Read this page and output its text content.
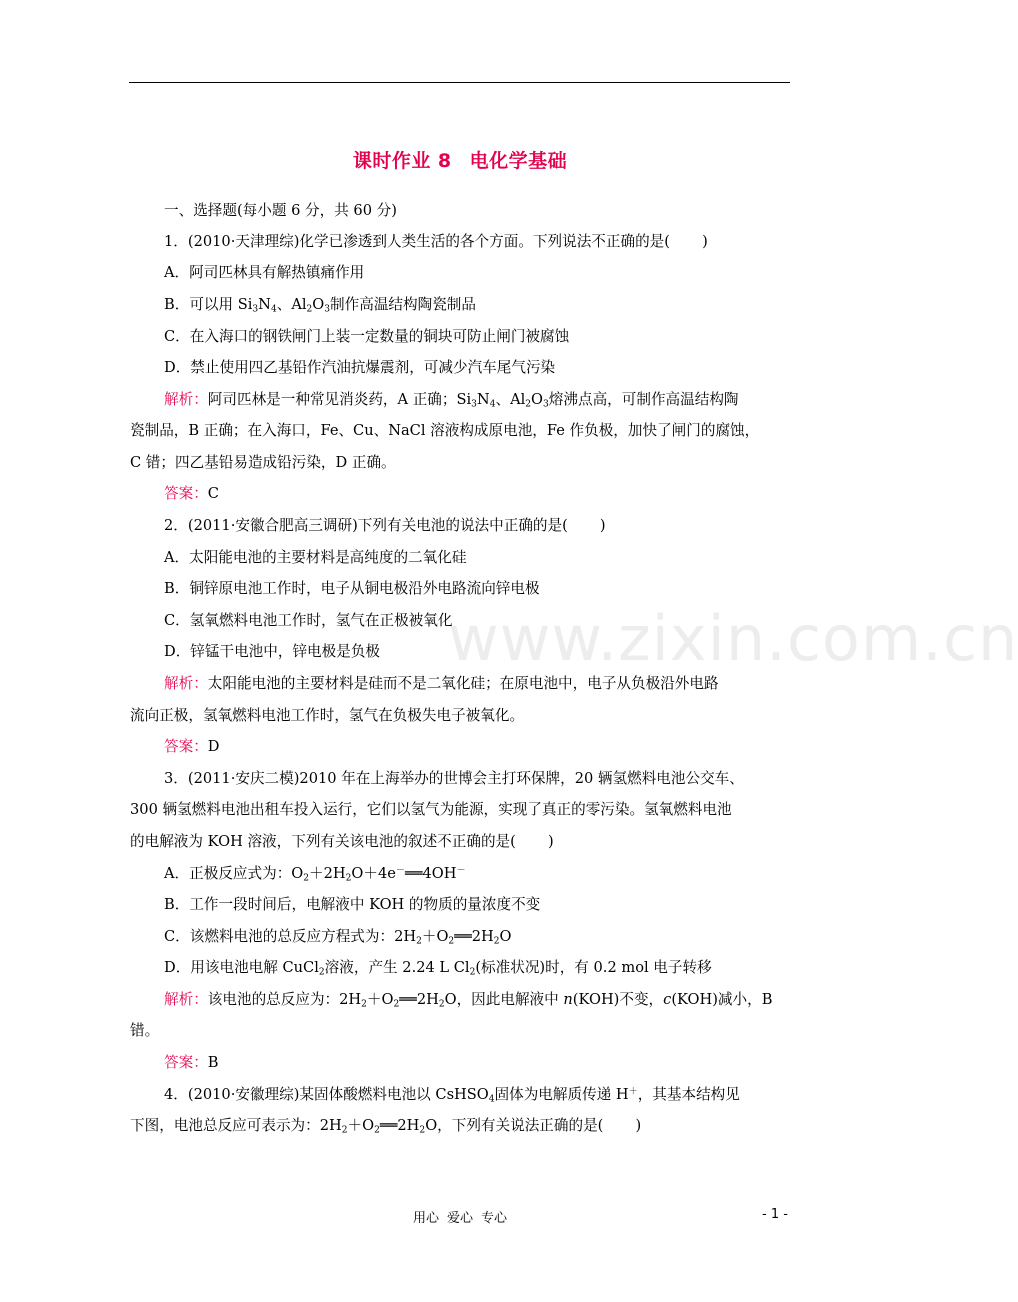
课时作业 8 电化学基础
一、选择题(每小题 6 分，共 60 分)
1．(2010·天津理综)化学已渗透到人类生活的各个方面。下列说法不正确的是( )
A．阿司匹林具有解热镇痛作用
B．可以用 $Si_3N_4$、$Al_2O_3$制作高温结构陶瓷制品
C．在入海口的钢铁闸门上装一定数量的铜块可防止闸门被腐蚀
D．禁止使用四乙基铅作汽油抗爆震剂，可减少汽车尾气污染
解析：阿司匹林是一种常见消炎药，A 正确；$Si_3N_4$、$Al_2O_3$熔沸点高，可制作高温结构陶
瓷制品，B 正确；在入海口，Fe、Cu、NaCl 溶液构成原电池，Fe 作负极，加快了闸门的腐蚀，
C 错；四乙基铅易造成铅污染，D 正确。
答案：C
2．(2011·安徽合肥高三调研)下列有关电池的说法中正确的是( )
A．太阳能电池的主要材料是高纯度的二氧化硅
B．铜锌原电池工作时，电子从铜电极沿外电路流向锌电极
C．氢氧燃料电池工作时，氢气在正极被氧化
D．锌锰干电池中，锌电极是负极
解析：太阳能电池的主要材料是硅而不是二氧化硅；在原电池中，电子从负极沿外电路
流向正极，氢氧燃料电池工作时，氢气在负极失电子被氧化。
答案：D
3．(2011·安庆二模)2010 年在上海举办的世博会主打环保牌，20 辆氢燃料电池公交车、
300 辆氢燃料电池出租车投入运行，它们以氢气为能源，实现了真正的零污染。氢氧燃料电池
的电解液为 KOH 溶液，下列有关该电池的叙述不正确的是( )
A．正极反应式为：$O_2+2H_2O+4e^-══4OH^-$
B．工作一段时间后，电解液中 KOH 的物质的量浓度不变
C．该燃料电池的总反应方程式为：$2H_2+O_2══2H_2O$
D．用该电池电解 CuCl$_2$溶液，产生 2.24 L $Cl_2$(标准状况)时，有 0.2 mol 电子转移
解析：该电池的总反应为：$2H_2+O_2══2H_2O$，因此电解液中 n(KOH)不变，c(KOH)减小，B
错。
答案：B
4．(2010·安徽理综)某固体酸燃料电池以 CsHSO$_4$固体为电解质传递 H＋，其基本结构见
下图，电池总反应可表示为：$2H_2+O_2══2H_2O$，下列有关说法正确的是( )
www.zixin.com.cn
用心 爱心 专心	- 1 -
